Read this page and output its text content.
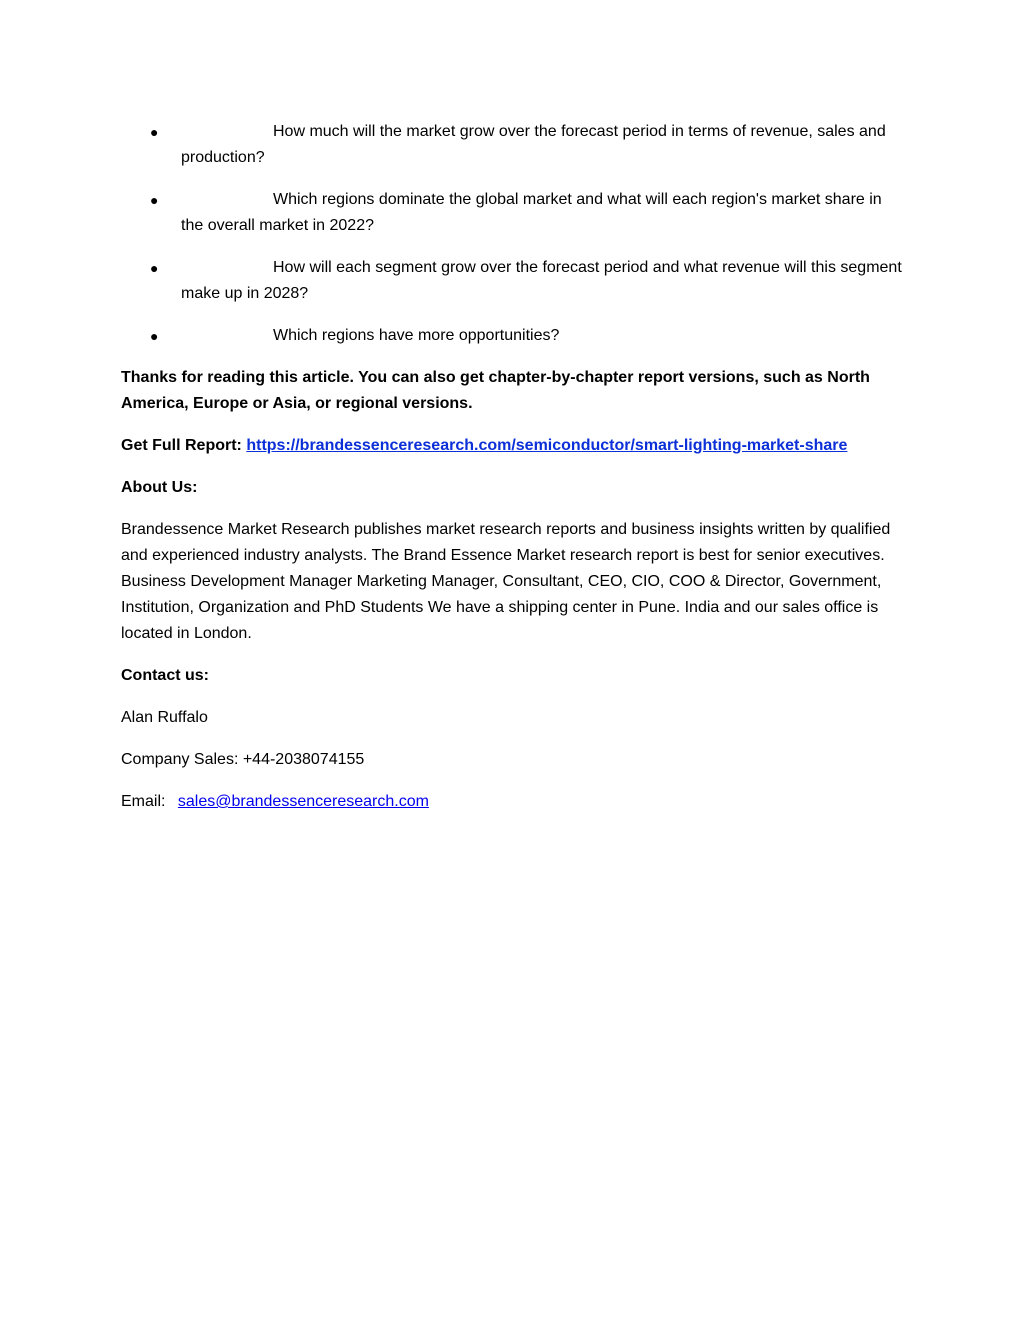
●	How much will the market grow over the forecast period in terms of revenue, sales and production?
●	Which regions dominate the global market and what will each region's market share in the overall market in 2022?
●	How will each segment grow over the forecast period and what revenue will this segment make up in 2028?
●	Which regions have more opportunities?

Thanks for reading this article. You can also get chapter-by-chapter report versions, such as North America, Europe or Asia, or regional versions.

Get Full Report: https://brandessenceresearch.com/semiconductor/smart-lighting-market-share

About Us:

Brandessence Market Research publishes market research reports and business insights written by qualified and experienced industry analysts. The Brand Essence Market research report is best for senior executives. Business Development Manager Marketing Manager, Consultant, CEO, CIO, COO & Director, Government, Institution, Organization and PhD Students We have a shipping center in Pune. India and our sales office is located in London.

Contact us:

Alan Ruffalo

Company Sales: +44-2038074155

Email: sales@brandessenceresearch.com
